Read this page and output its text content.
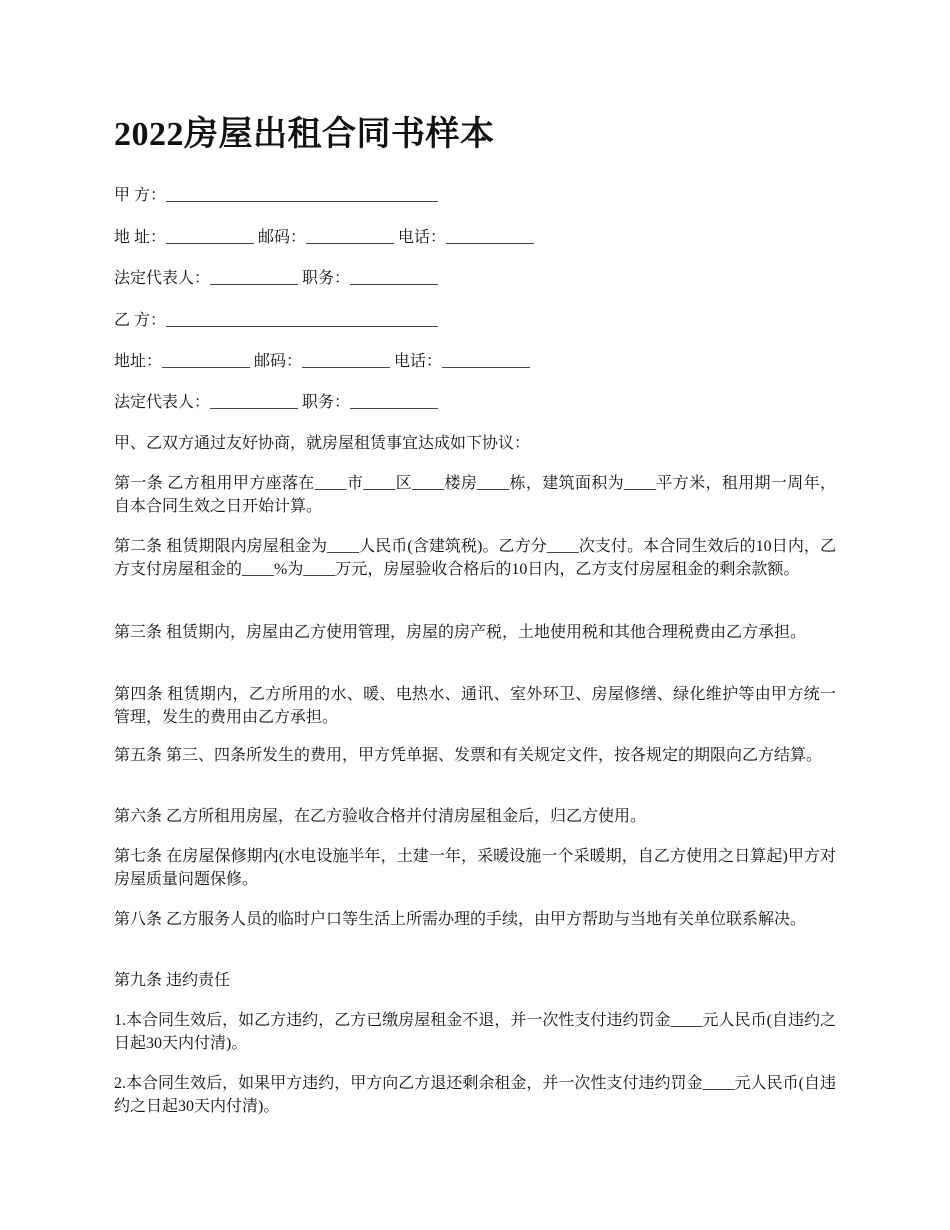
2022房屋出租合同书样本

甲 方：__________________________________

地 址：___________ 邮码：___________ 电话：___________

法定代表人：___________ 职务：___________

乙 方：__________________________________

地址：___________ 邮码：___________ 电话：___________

法定代表人：___________ 职务：___________

甲、乙双方通过友好协商，就房屋租赁事宜达成如下协议：

第一条 乙方租用甲方座落在____市____区____楼房____栋，建筑面积为____平方米，租用期一周年，自本合同生效之日开始计算。

第二条 租赁期限内房屋租金为____人民币(含建筑税)。乙方分____次支付。本合同生效后的10日内，乙方支付房屋租金的____%为____万元，房屋验收合格后的10日内，乙方支付房屋租金的剩余款额。

第三条 租赁期内，房屋由乙方使用管理，房屋的房产税，土地使用税和其他合理税费由乙方承担。

第四条 租赁期内，乙方所用的水、暖、电热水、通讯、室外环卫、房屋修缮、绿化维护等由甲方统一管理，发生的费用由乙方承担。

第五条 第三、四条所发生的费用，甲方凭单据、发票和有关规定文件，按各规定的期限向乙方结算。

第六条 乙方所租用房屋，在乙方验收合格并付清房屋租金后，归乙方使用。

第七条 在房屋保修期内(水电设施半年，土建一年，采暖设施一个采暖期，自乙方使用之日算起)甲方对房屋质量问题保修。

第八条 乙方服务人员的临时户口等生活上所需办理的手续，由甲方帮助与当地有关单位联系解决。

第九条 违约责任

1.本合同生效后，如乙方违约，乙方已缴房屋租金不退，并一次性支付违约罚金____元人民币(自违约之日起30天内付清)。

2.本合同生效后，如果甲方违约，甲方向乙方退还剩余租金，并一次性支付违约罚金____元人民币(自违约之日起30天内付清)。
